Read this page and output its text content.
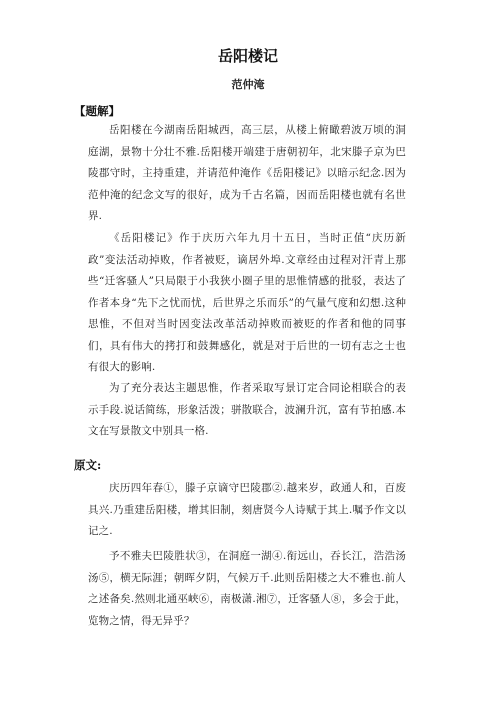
岳阳楼记
范仲淹
【题解】
岳阳楼在今湖南岳阳城西，高三层，从楼上俯瞰碧波万顷的洞庭湖，景物十分壮不雅.岳阳楼开端建于唐朝初年，北宋滕子京为巴陵郡守时，主持重建，并请范仲淹作《岳阳楼记》以暗示纪念.因为范仲淹的纪念文写的很好，成为千古名篇，因而岳阳楼也就有名世界.
《岳阳楼记》作于庆历六年九月十五日，当时正值“庆历新政”变法活动掉败，作者被贬，谪居外埠.文章经由过程对汗青上那些“迁客骚人”只局限于小我狭小圈子里的思惟情感的批驳，表达了作者本身“先下之忧而忧，后世界之乐而乐”的气量气度和幻想.这种思惟，不但对当时因变法改革活动掉败而被贬的作者和他的同事们，具有伟大的拷打和鼓舞感化，就是对于后世的一切有志之士也有很大的影响.
为了充分表达主题思惟，作者采取写景订定合同论相联合的表示手段.说话简练，形象活泼；骈散联合，波澜升沉，富有节拍感.本文在写景散文中别具一格.
原文:
庆历四年春①，滕子京谪守巴陵郡②.越来岁，政通人和，百废具兴.乃重建岳阳楼，增其旧制，刻唐贤今人诗赋于其上.嘱予作文以记之.
予不雅夫巴陵胜状③，在洞庭一湖④.衔远山，吞长江，浩浩汤汤⑤，横无际涯；朝晖夕阴，气候万千.此则岳阳楼之大不雅也.前人之述备矣.然则北通巫峡⑥，南极潇.湘⑦，迁客骚人⑧，多会于此，览物之情，得无异乎？
